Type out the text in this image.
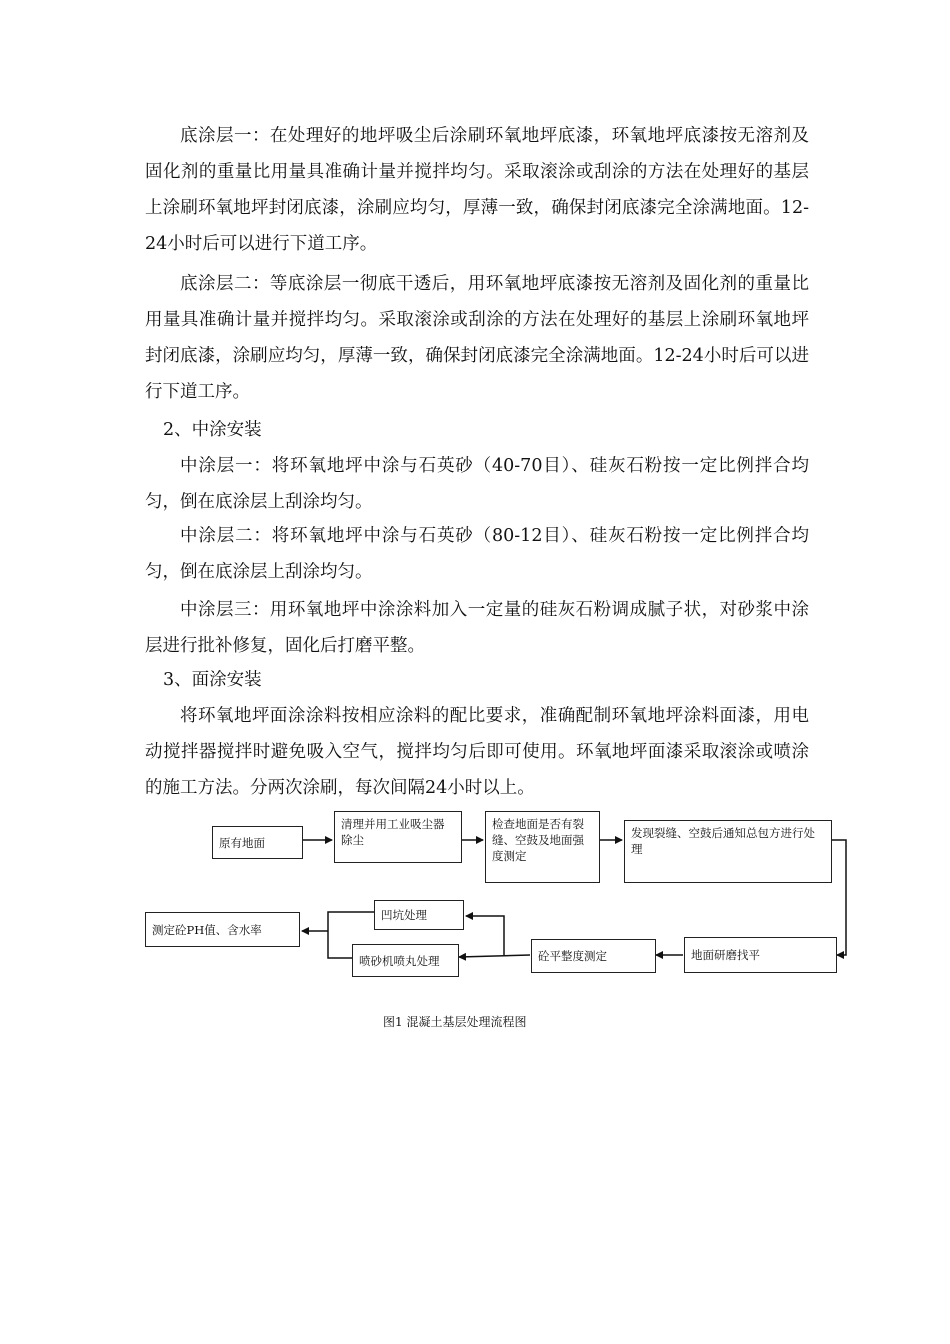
底涂层一：在处理好的地坪吸尘后涂刷环氧地坪底漆，环氧地坪底漆按无溶剂及固化剂的重量比用量具准确计量并搅拌均匀。采取滚涂或刮涂的方法在处理好的基层上涂刷环氧地坪封闭底漆，涂刷应均匀，厚薄一致，确保封闭底漆完全涂满地面。12-24小时后可以进行下道工序。

底涂层二：等底涂层一彻底干透后，用环氧地坪底漆按无溶剂及固化剂的重量比用量具准确计量并搅拌均匀。采取滚涂或刮涂的方法在处理好的基层上涂刷环氧地坪封闭底漆，涂刷应均匀，厚薄一致，确保封闭底漆完全涂满地面。12-24小时后可以进行下道工序。

2、中涂安装

中涂层一：将环氧地坪中涂与石英砂（40-70目）、硅灰石粉按一定比例拌合均匀，倒在底涂层上刮涂均匀。

中涂层二：将环氧地坪中涂与石英砂（80-12目）、硅灰石粉按一定比例拌合均匀，倒在底涂层上刮涂均匀。

中涂层三：用环氧地坪中涂涂料加入一定量的硅灰石粉调成腻子状，对砂浆中涂层进行批补修复，固化后打磨平整。

3、面涂安装

将环氧地坪面涂涂料按相应涂料的配比要求，准确配制环氧地坪涂料面漆，用电动搅拌器搅拌时避免吸入空气，搅拌均匀后即可使用。环氧地坪面漆采取滚涂或喷涂的施工方法。分两次涂刷，每次间隔24小时以上。

原有地面
清理并用工业吸尘器除尘
检查地面是否有裂缝、空鼓及地面强度测定
发现裂缝、空鼓后通知总包方进行处理
地面研磨找平
砼平整度测定
凹坑处理
喷砂机喷丸处理
测定砼PH值、含水率

图1 混凝土基层处理流程图
